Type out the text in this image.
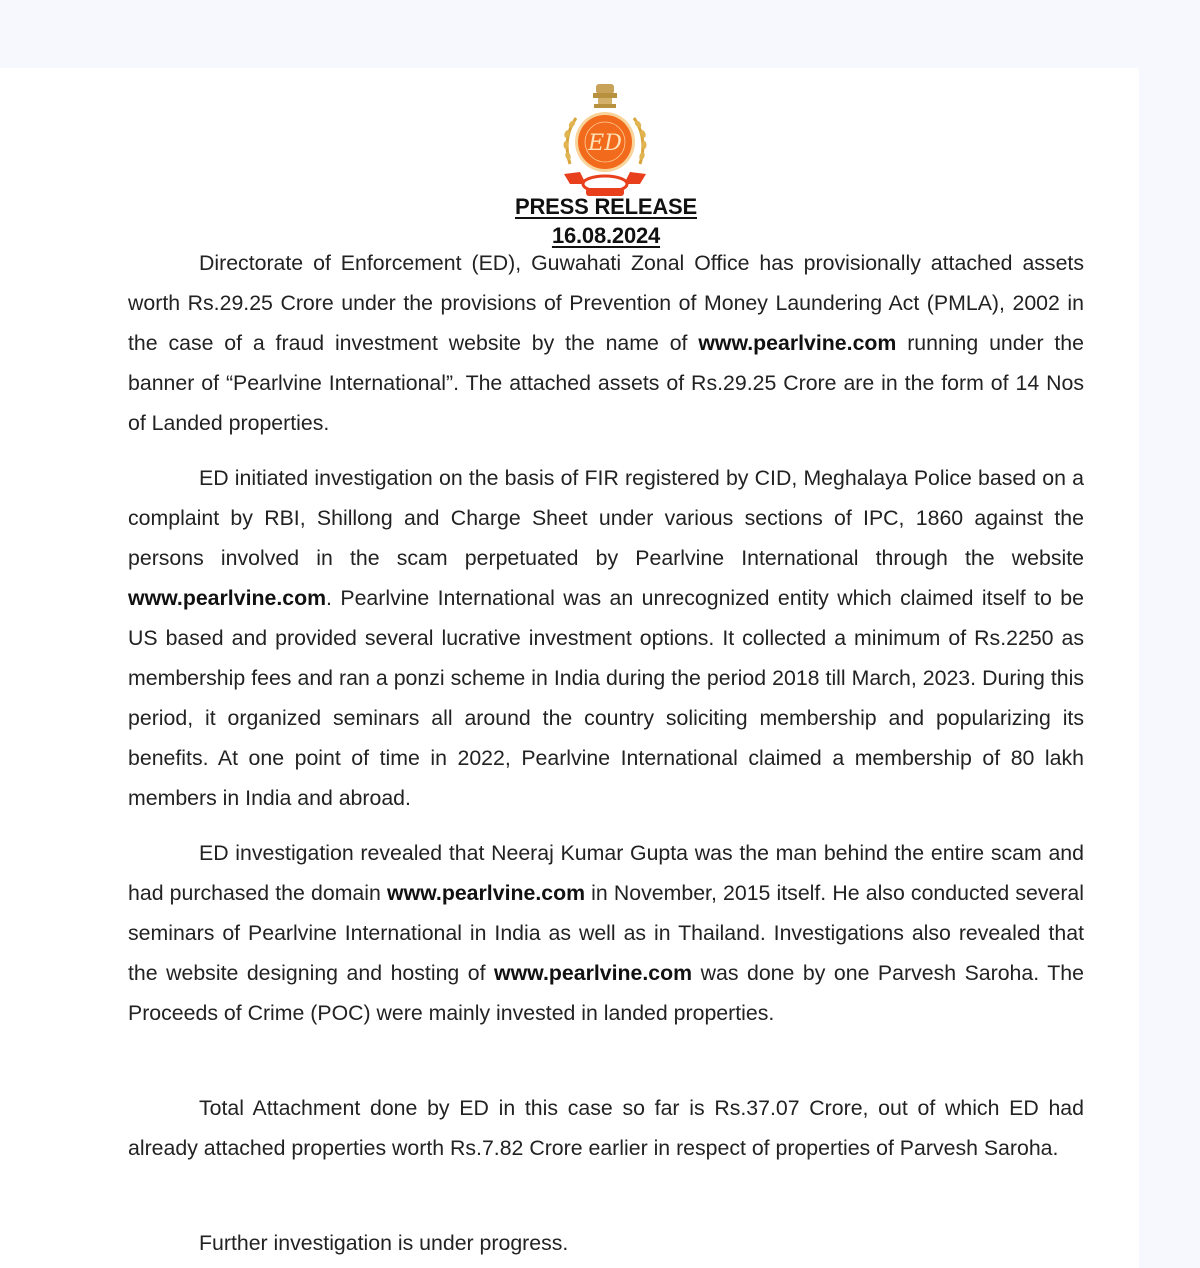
ED
PRESS RELEASE
16.08.2024

Directorate of Enforcement (ED), Guwahati Zonal Office has provisionally attached assets worth Rs.29.25 Crore under the provisions of Prevention of Money Laundering Act (PMLA), 2002 in the case of a fraud investment website by the name of www.pearlvine.com running under the banner of “Pearlvine International”. The attached assets of Rs.29.25 Crore are in the form of 14 Nos of Landed properties.

ED initiated investigation on the basis of FIR registered by CID, Meghalaya Police based on a complaint by RBI, Shillong and Charge Sheet under various sections of IPC, 1860 against the persons involved in the scam perpetuated by Pearlvine International through the website www.pearlvine.com. Pearlvine International was an unrecognized entity which claimed itself to be US based and provided several lucrative investment options. It collected a minimum of Rs.2250 as membership fees and ran a ponzi scheme in India during the period 2018 till March, 2023. During this period, it organized seminars all around the country soliciting membership and popularizing its benefits. At one point of time in 2022, Pearlvine International claimed a membership of 80 lakh members in India and abroad.

ED investigation revealed that Neeraj Kumar Gupta was the man behind the entire scam and had purchased the domain www.pearlvine.com in November, 2015 itself. He also conducted several seminars of Pearlvine International in India as well as in Thailand. Investigations also revealed that the website designing and hosting of www.pearlvine.com was done by one Parvesh Saroha. The Proceeds of Crime (POC) were mainly invested in landed properties.

Total Attachment done by ED in this case so far is Rs.37.07 Crore, out of which ED had already attached properties worth Rs.7.82 Crore earlier in respect of properties of Parvesh Saroha.

Further investigation is under progress.
